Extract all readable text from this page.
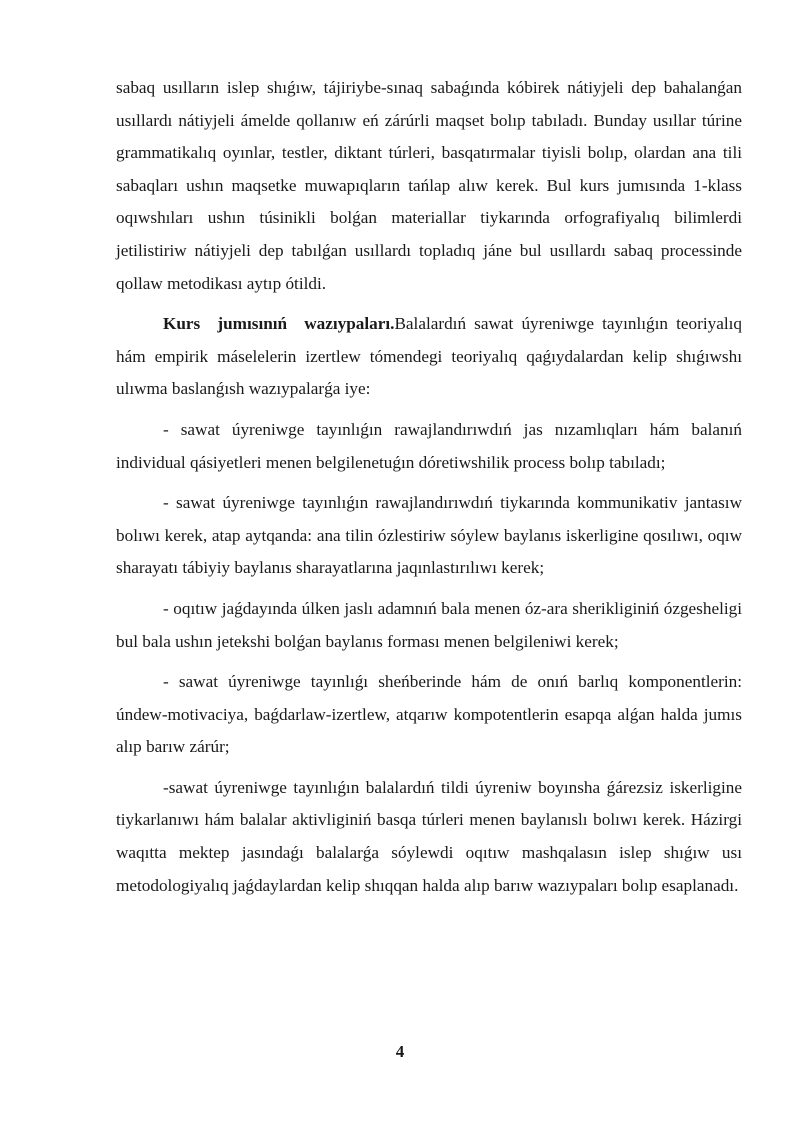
sabaq usılların islep shıǵıw, tájiriybe-sınaq sabaǵında kóbirek nátiyjeli dep bahalanǵan usıllardı nátiyjeli ámelde qollanıw eń zárúrli maqset bolıp tabıladı. Bunday usıllar túrine grammatikalıq oyınlar, testler, diktant túrleri, basqatırmalar tiyisli bolıp, olardan ana tili sabaqları ushın maqsetke muwapıqların tańlap alıw kerek. Bul kurs jumısında 1-klass oqıwshıları ushın túsinikli bolǵan materiallar tiykarında orfografiyalıq bilimlerdi jetilistiriw nátiyjeli dep tabılǵan usıllardı topladıq jáne bul usıllardı sabaq processinde qollaw metodikası aytıp ótildi.

Kurs jumısınıń wazıypaları.Balalardıń sawat úyreniwge tayınlıǵın teoriyalıq hám empirik máselelerin izertlew tómendegi teoriyalıq qaǵıydalardan kelip shıǵıwshı ulıwma baslanǵısh wazıypalarǵa iye:

- sawat úyreniwge tayınlıǵın rawajlandırıwdıń jas nızamlıqları hám balanıń individual qásiyetleri menen belgilenetuǵın dóretiwshilik process bolıp tabıladı;

- sawat úyreniwge tayınlıǵın rawajlandırıwdıń tiykarında kommunikativ jantasıw bolıwı kerek, atap aytqanda: ana tilin ózlestiriw sóylew baylanıs iskerligine qosılıwı, oqıw sharayatı tábiyiy baylanıs sharayatlarına jaqınlastırılıwı kerek;

- oqıtıw jaǵdayında úlken jaslı adamnıń bala menen óz-ara sherikliginiń ózgesheligi bul bala ushın jetekshi bolǵan baylanıs forması menen belgileniwi kerek;

- sawat úyreniwge tayınlıǵı sheńberinde hám de onıń barlıq komponentlerin: úndew-motivaciya, baǵdarlaw-izertlew, atqarıw kompotentlerin esapqa alǵan halda jumıs alıp barıw zárúr;

-sawat úyreniwge tayınlıǵın balalardıń tildi úyreniw boyınsha ǵárezsiz iskerligine tiykarlanıwı hám balalar aktivliginiń basqa túrleri menen baylanıslı bolıwı kerek. Házirgi waqıtta mektep jasındaǵı balalarǵa sóylewdi oqıtıw mashqalasın islep shıǵıw usı metodologiyalıq jaǵdaylardan kelip shıqqan halda alıp barıw wazıypaları bolıp esaplanadı.

4
